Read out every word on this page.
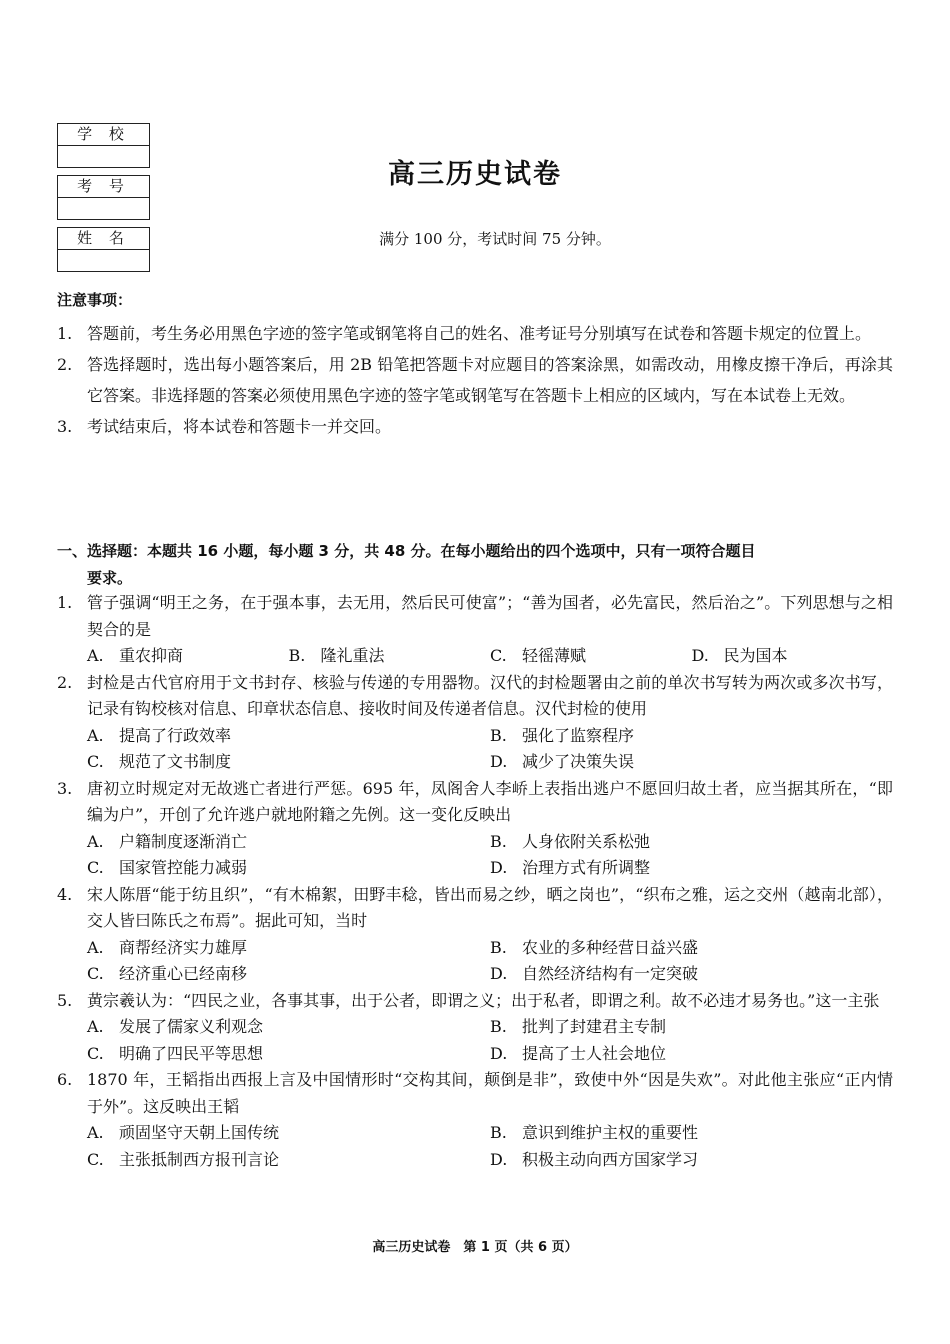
学 校
考 号
姓 名
高三历史试卷
满分 100 分，考试时间 75 分钟。
注意事项：
1. 答题前，考生务必用黑色字迹的签字笔或钢笔将自己的姓名、准考证号分别填写在试卷和答题卡规定的位置上。
2. 答选择题时，选出每小题答案后，用 2B 铅笔把答题卡对应题目的答案涂黑，如需改动，用橡皮擦干净后，再涂其它答案。非选择题的答案必须使用黑色字迹的签字笔或钢笔写在答题卡上相应的区域内，写在本试卷上无效。
3. 考试结束后，将本试卷和答题卡一并交回。
一、选择题：本题共 16 小题，每小题 3 分，共 48 分。在每小题给出的四个选项中，只有一项符合题目
要求。
1. 管子强调“明王之务，在于强本事，去无用，然后民可使富”；“善为国者，必先富民，然后治之”。下列思想与之相契合的是
A. 重农抑商	B. 隆礼重法	C. 轻徭薄赋	D. 民为国本
2. 封检是古代官府用于文书封存、核验与传递的专用器物。汉代的封检题署由之前的单次书写转为两次或多次书写，记录有钩校核对信息、印章状态信息、接收时间及传递者信息。汉代封检的使用
A. 提高了行政效率	B. 强化了监察程序
C. 规范了文书制度	D. 减少了决策失误
3. 唐初立时规定对无故逃亡者进行严惩。695 年，凤阁舍人李峤上表指出逃户不愿回归故土者，应当据其所在，“即编为户”，开创了允许逃户就地附籍之先例。这一变化反映出
A. 户籍制度逐渐消亡	B. 人身依附关系松弛
C. 国家管控能力减弱	D. 治理方式有所调整
4. 宋人陈厝“能于纺且织”，“有木棉絮，田野丰稔，皆出而易之纱，晒之岗也”，“织布之雅，运之交州（越南北部），交人皆曰陈氏之布焉”。据此可知，当时
A. 商帮经济实力雄厚	B. 农业的多种经营日益兴盛
C. 经济重心已经南移	D. 自然经济结构有一定突破
5. 黄宗羲认为：“四民之业，各事其事，出于公者，即谓之义；出于私者，即谓之利。故不必违才易务也。”这一主张
A. 发展了儒家义利观念	B. 批判了封建君主专制
C. 明确了四民平等思想	D. 提高了士人社会地位
6. 1870 年，王韬指出西报上言及中国情形时“交构其间，颠倒是非”，致使中外“因是失欢”。对此他主张应“正内情于外”。这反映出王韬
A. 顽固坚守天朝上国传统	B. 意识到维护主权的重要性
C. 主张抵制西方报刊言论	D. 积极主动向西方国家学习
高三历史试卷　第 1 页（共 6 页）
